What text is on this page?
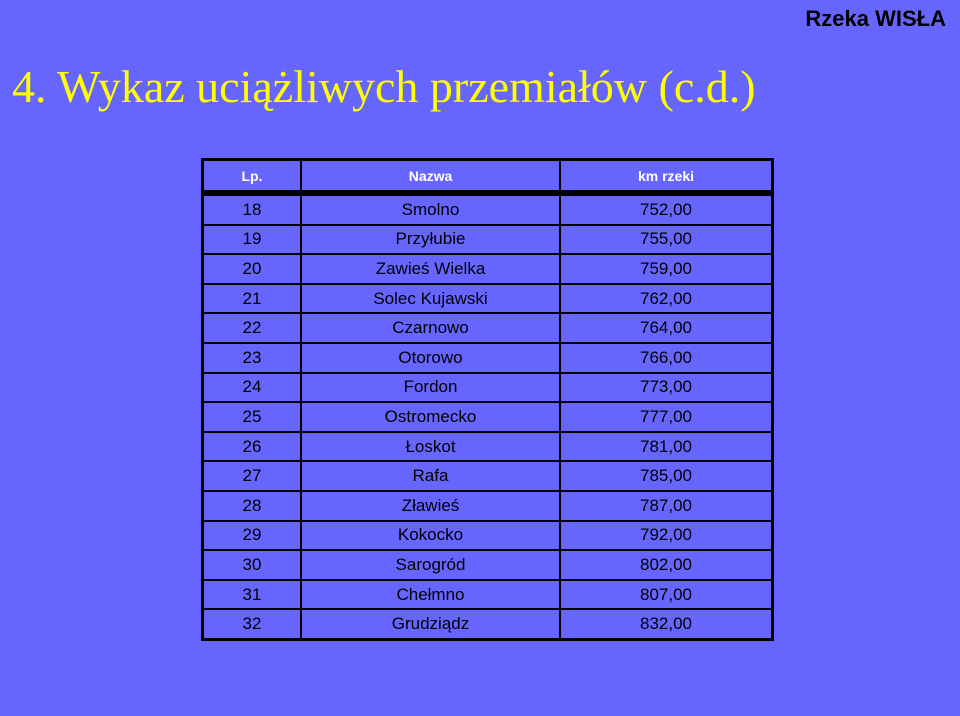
Rzeka WISŁA
4. Wykaz uciążliwych przemiałów (c.d.)
Lp.	Nazwa	km rzeki
18	Smolno	752,00
19	Przyłubie	755,00
20	Zawieś Wielka	759,00
21	Solec Kujawski	762,00
22	Czarnowo	764,00
23	Otorowo	766,00
24	Fordon	773,00
25	Ostromecko	777,00
26	Łoskot	781,00
27	Rafa	785,00
28	Zławieś	787,00
29	Kokocko	792,00
30	Sarogród	802,00
31	Chełmno	807,00
32	Grudziądz	832,00
